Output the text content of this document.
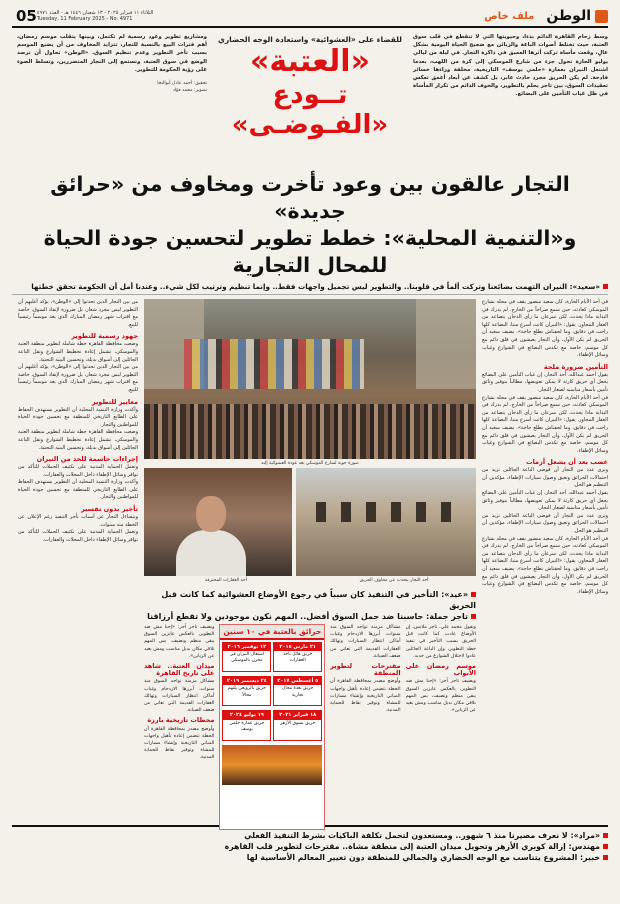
الوطن
ملف خاص
05 الثلاثاء ١١ فبراير ٢٠٢٥ - ١٣ شعبان ١٤٤٦ هـ - العدد ٤٩٧١
Tuesday, 11 February 2025 - No. 4971
وسط زحام القاهرة الدائم بدءا، وحيويتها التي لا تنقطع في قلب سوق العتبة، حيث تختلط أصوات الباعة والزبائن مع ضجيج الحياة اليومية بشكل عالٍ، وقعت مأساة تركت أثرها العميق في ذاكرة التجار. في ليلة من ليالي يوليو الحارة تحول جزء من شارع الموسكي إلى كرة من اللهب، بعدما اشتعل النيران بعمارة «حلمي يوسف» التاريخية، مخلفة وراءها خسائر فادحة. لم يكن الحريق مجرد حادث عابر، بل كشف عن أبعاد أعمق تعكس تعقيدات السوق، بين تاجر يحلم بالتطوير، والخوف الدائم من تكرار المأساة في ظل غياب التأمين على البضائع.
للقضاء على «العشوائية» واستعادة الوجه الحضاري
«العتبة»
تــودع «الفـوضـى»
ومشاريع تطوير وعود رسمية لم تكتمل، وبينها يتقلب موسم رمضان، أهم فترات البيع بالنسبة للتجار، تتزايد المخاوف من أن يضيع الموسم بسبب تأخر التطوير وعدم تنظيم السوق. «الوطن» تحاول أن ترصد الوضع في سوق العتبة، وتستمع إلى التجار المتضررين، وتسلط الضوء على رؤية الحكومة للتطوير.
تحقيق: أحمد عادل أبوالنجا
تصوير: محمد فؤاد
التجار عالقون بين وعود تأخرت ومخاوف من «حرائق جديدة»
و«التنمية المحلية»: خطط تطوير لتحسين جودة الحياة للمحال التجارية
«سعيد»: النيران التهمت بضائعنا وتركت ألماً في قلوبنا.. والتطوير ليس تجميل واجهات فقط.. وإنما تنظيم وترتيب لكل شيء.. وعندنا أمل أن الحكومة تحقق خطتها
في أحد الأيام الحارة، كان سعيد منصور يقف في محله بشارع الموسكي كعادته، حين سمع صراخاً من الخارج. لم يدرك في البداية ماذا يحدث، لكن سرعان ما رأى الدخان يتصاعد من العقار المجاور. يقول: «النيران كانت أسرع مننا، البضاعة كلها راحت في دقايق، وما لحقناش نطلع حاجة». يضيف سعيد أن الحريق لم يكن الأول، وأن التجار يعيشون في قلق دائم مع كل موسم، خاصة مع تكدس البضائع في الشوارع وغياب وسائل الإطفاء.
التأمين ضرورة ملحة
يقول أحمد عبدالله، أحد التجار، إن غياب التأمين على البضائع يجعل أي حريق كارثة لا يمكن تعويضها، مطالباً بتوفير وثائق تأمين بأسعار مناسبة لصغار التجار.
في أحد الأيام الحارة، كان سعيد منصور يقف في محله بشارع الموسكي كعادته، حين سمع صراخاً من الخارج. لم يدرك في البداية ماذا يحدث، لكن سرعان ما رأى الدخان يتصاعد من العقار المجاور. يقول: «النيران كانت أسرع مننا، البضاعة كلها راحت في دقايق، وما لحقناش نطلع حاجة». يضيف سعيد أن الحريق لم يكن الأول، وأن التجار يعيشون في قلق دائم مع كل موسم، خاصة مع تكدس البضائع في الشوارع وغياب وسائل الإطفاء.
غضب بعد أن يشعل أزمات
ويرى عدد من التجار أن فوضى الباعة الجائلين تزيد من احتمالات الحرائق وتعيق وصول سيارات الإطفاء، مؤكدين أن التنظيم هو الحل.
يقول أحمد عبدالله، أحد التجار، إن غياب التأمين على البضائع يجعل أي حريق كارثة لا يمكن تعويضها، مطالباً بتوفير وثائق تأمين بأسعار مناسبة لصغار التجار.
ويرى عدد من التجار أن فوضى الباعة الجائلين تزيد من احتمالات الحرائق وتعيق وصول سيارات الإطفاء، مؤكدين أن التنظيم هو الحل.
في أحد الأيام الحارة، كان سعيد منصور يقف في محله بشارع الموسكي كعادته، حين سمع صراخاً من الخارج. لم يدرك في البداية ماذا يحدث، لكن سرعان ما رأى الدخان يتصاعد من العقار المجاور. يقول: «النيران كانت أسرع مننا، البضاعة كلها راحت في دقايق، وما لحقناش نطلع حاجة». يضيف سعيد أن الحريق لم يكن الأول، وأن التجار يعيشون في قلق دائم مع كل موسم، خاصة مع تكدس البضائع في الشوارع وغياب وسائل الإطفاء.
صورة جوية لشارع الموسكي بعد عودة العشوائية إليه
أحد التجار يتحدث عن مخاوف الحريق
أحد العقارات المحترقة
«عيد»: التأخير في التنفيذ كان سبباً في رجوع الأوضاع العشوائية كما كانت قبل الحريق
تاجر جملة: حاسبنا ضد جمل السوق أفضل.. المهم نكون موجودين ولا تقطع أرزاقنا
ويقول محمد علي، تاجر ملابس، إن الأوضاع عادت كما كانت قبل الحريق بسبب التأخير في تنفيذ خطة التطوير، وإن الباعة الجائلين عادوا لاحتلال الشوارع من جديد.
موسم رمضان على الأبواب
ويضيف تاجر آخر: «إحنا مش ضد التطوير، بالعكس عايزين السوق يبقى منظم ونضيف، بس المهم نلاقي مكان بديل مناسب ومش بعيد عن الزباين».
مشاكل مزمنة تواجه السوق منذ سنوات، أبرزها الازدحام وغياب أماكن انتظار السيارات وتهالك العقارات القديمة التي تعاني من ضعف الصيانة.
مقترحات لتطوير المنطقة
وأوضح مصدر بمحافظة القاهرة أن الخطة تتضمن إعادة تأهيل واجهات المباني التاريخية وإنشاء مسارات للمشاة وتوفير نقاط للحماية المدنية.
حرائق بالعتبة في ١٠ سنين
٢١ مارس ٢٠١٥
حريق هائل بأحد العقارات
١٢ نوفمبر ٢٠١٦
اشتعال النيران في مخزن بالموسكي
٥ أغسطس ٢٠١٧
حريق بعدة محال تجارية
٢٤ ديسمبر ٢٠١٩
حريق بالرويعي يلتهم محالاً
١٨ فبراير ٢٠٢١
حريق بسوق الأزهر
١٩ يوليو ٢٠٢٤
حريق عمارة حلمي يوسف
ويضيف تاجر آخر: «إحنا مش ضد التطوير، بالعكس عايزين السوق يبقى منظم ونضيف، بس المهم نلاقي مكان بديل مناسب ومش بعيد عن الزباين».
ميدان العتبة.. شاهد على تاريخ القاهرة
مشاكل مزمنة تواجه السوق منذ سنوات، أبرزها الازدحام وغياب أماكن انتظار السيارات وتهالك العقارات القديمة التي تعاني من ضعف الصيانة.
محطات تاريخية بارزة
وأوضح مصدر بمحافظة القاهرة أن الخطة تتضمن إعادة تأهيل واجهات المباني التاريخية وإنشاء مسارات للمشاة وتوفير نقاط للحماية المدنية.
من بين التجار الذين تحدثوا إلى «الوطن»، يؤكد أغلبهم أن التطوير ليس مجرد شعار، بل ضرورة لإنقاذ السوق، خاصة مع اقتراب شهر رمضان المبارك الذي يعد موسماً رئيسياً للبيع.
جهود رسمية للتطوير
وضعت محافظة القاهرة خطة شاملة لتطوير منطقة العتبة والموسكي، تشمل إعادة تخطيط الشوارع ونقل الباعة الجائلين إلى أسواق بديلة، وتحسين البنية التحتية.
من بين التجار الذين تحدثوا إلى «الوطن»، يؤكد أغلبهم أن التطوير ليس مجرد شعار، بل ضرورة لإنقاذ السوق، خاصة مع اقتراب شهر رمضان المبارك الذي يعد موسماً رئيسياً للبيع.
معايير للتطوير
وأكدت وزارة التنمية المحلية أن التطوير يستهدف الحفاظ على الطابع التاريخي للمنطقة مع تحسين جودة الحياة للمواطنين والتجار.
وضعت محافظة القاهرة خطة شاملة لتطوير منطقة العتبة والموسكي، تشمل إعادة تخطيط الشوارع ونقل الباعة الجائلين إلى أسواق بديلة، وتحسين البنية التحتية.
إجراءات حاسمة للحد من النيران
وتعمل الحماية المدنية على تكثيف الحملات للتأكد من توافر وسائل الإطفاء داخل المحلات والعقارات.
وأكدت وزارة التنمية المحلية أن التطوير يستهدف الحفاظ على الطابع التاريخي للمنطقة مع تحسين جودة الحياة للمواطنين والتجار.
تأخير بدون تفسير
ويتساءل التجار عن أسباب تأخر التنفيذ رغم الإعلان عن الخطة منذ سنوات.
وتعمل الحماية المدنية على تكثيف الحملات للتأكد من توافر وسائل الإطفاء داخل المحلات والعقارات.
«مراد»: لا نعرف مصيرنا منذ ٦ شهور.. ومستعدون لتحمل تكلفة الباكيات بشرط التنفيذ الفعلي
مهندس: إزالة كوبري الأزهر وتحويل ميدان العتبة إلى منطقة مشاة.. مقترحات لتطوير قلب القاهرة
خبير: المشروع يتناسب مع الوجه الحضاري والجمالي للمنطقة دون تغيير المعالم الأساسية لها
